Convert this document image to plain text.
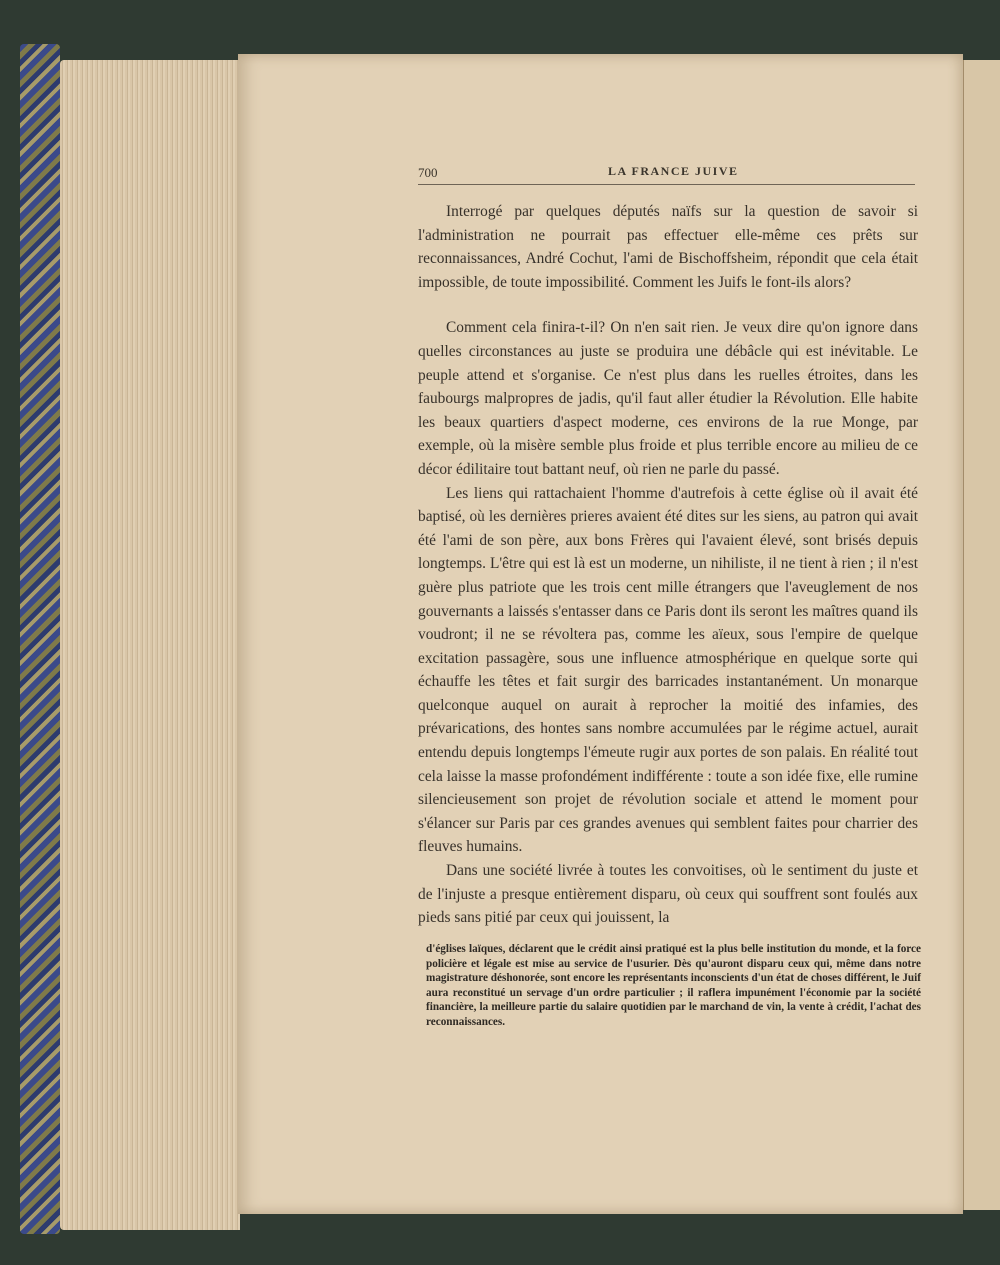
700	LA FRANCE JUIVE

Interrogé par quelques députés naïfs sur la question de savoir si l'administration ne pourrait pas effectuer elle-même ces prêts sur reconnaissances, André Cochut, l'ami de Bischoffsheim, répondit que cela était impossible, de toute impossibilité. Comment les Juifs le font-ils alors?

Comment cela finira-t-il? On n'en sait rien. Je veux dire qu'on ignore dans quelles circonstances au juste se produira une débâcle qui est inévitable. Le peuple attend et s'organise. Ce n'est plus dans les ruelles étroites, dans les faubourgs malpropres de jadis, qu'il faut aller étudier la Révolution. Elle habite les beaux quartiers d'aspect moderne, ces environs de la rue Monge, par exemple, où la misère semble plus froide et plus terrible encore au milieu de ce décor édilitaire tout battant neuf, où rien ne parle du passé.

Les liens qui rattachaient l'homme d'autrefois à cette église où il avait été baptisé, où les dernières prieres avaient été dites sur les siens, au patron qui avait été l'ami de son père, aux bons Frères qui l'avaient élevé, sont brisés depuis longtemps. L'être qui est là est un moderne, un nihiliste, il ne tient à rien ; il n'est guère plus patriote que les trois cent mille étrangers que l'aveuglement de nos gouvernants a laissés s'entasser dans ce Paris dont ils seront les maîtres quand ils voudront; il ne se révoltera pas, comme les aïeux, sous l'empire de quelque excitation passagère, sous une influence atmosphérique en quelque sorte qui échauffe les têtes et fait surgir des barricades instantanément. Un monarque quelconque auquel on aurait à reprocher la moitié des infamies, des prévarications, des hontes sans nombre accumulées par le régime actuel, aurait entendu depuis longtemps l'émeute rugir aux portes de son palais. En réalité tout cela laisse la masse profondément indifférente : toute a son idée fixe, elle rumine silencieusement son projet de révolution sociale et attend le moment pour s'élancer sur Paris par ces grandes avenues qui semblent faites pour charrier des fleuves humains.

Dans une société livrée à toutes les convoitises, où le sentiment du juste et de l'injuste a presque entièrement disparu, où ceux qui souffrent sont foulés aux pieds sans pitié par ceux qui jouissent, la

d'églises laïques, déclarent que le crédit ainsi pratiqué est la plus belle institution du monde, et la force policière et légale est mise au service de l'usurier. Dès qu'auront disparu ceux qui, même dans notre magistrature déshonorée, sont encore les représentants inconscients d'un état de choses différent, le Juif aura reconstitué un servage d'un ordre particulier ; il raflera impunément l'économie par la société financière, la meilleure partie du salaire quotidien par le marchand de vin, la vente à crédit, l'achat des reconnaissances.
